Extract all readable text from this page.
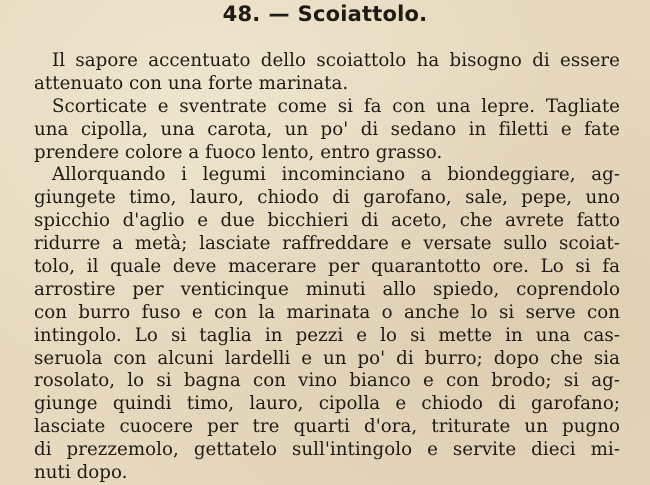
48. — Scoiattolo.
Il sapore accentuato dello scoiattolo ha bisogno di essere
attenuato con una forte marinata.
Scorticate e sventrate come si fa con una lepre. Tagliate
una cipolla, una carota, un po' di sedano in filetti e fate
prendere colore a fuoco lento, entro grasso.
Allorquando i legumi incominciano a biondeggiare, ag-
giungete timo, lauro, chiodo di garofano, sale, pepe, uno
spicchio d'aglio e due bicchieri di aceto, che avrete fatto
ridurre a metà; lasciate raffreddare e versate sullo scoiat-
tolo, il quale deve macerare per quarantotto ore. Lo si fa
arrostire per venticinque minuti allo spiedo, coprendolo
con burro fuso e con la marinata o anche lo si serve con
intingolo. Lo si taglia in pezzi e lo si mette in una cas-
seruola con alcuni lardelli e un po' di burro; dopo che sia
rosolato, lo si bagna con vino bianco e con brodo; si ag-
giunge quindi timo, lauro, cipolla e chiodo di garofano;
lasciate cuocere per tre quarti d'ora, triturate un pugno
di prezzemolo, gettatelo sull'intingolo e servite dieci mi-
nuti dopo.
